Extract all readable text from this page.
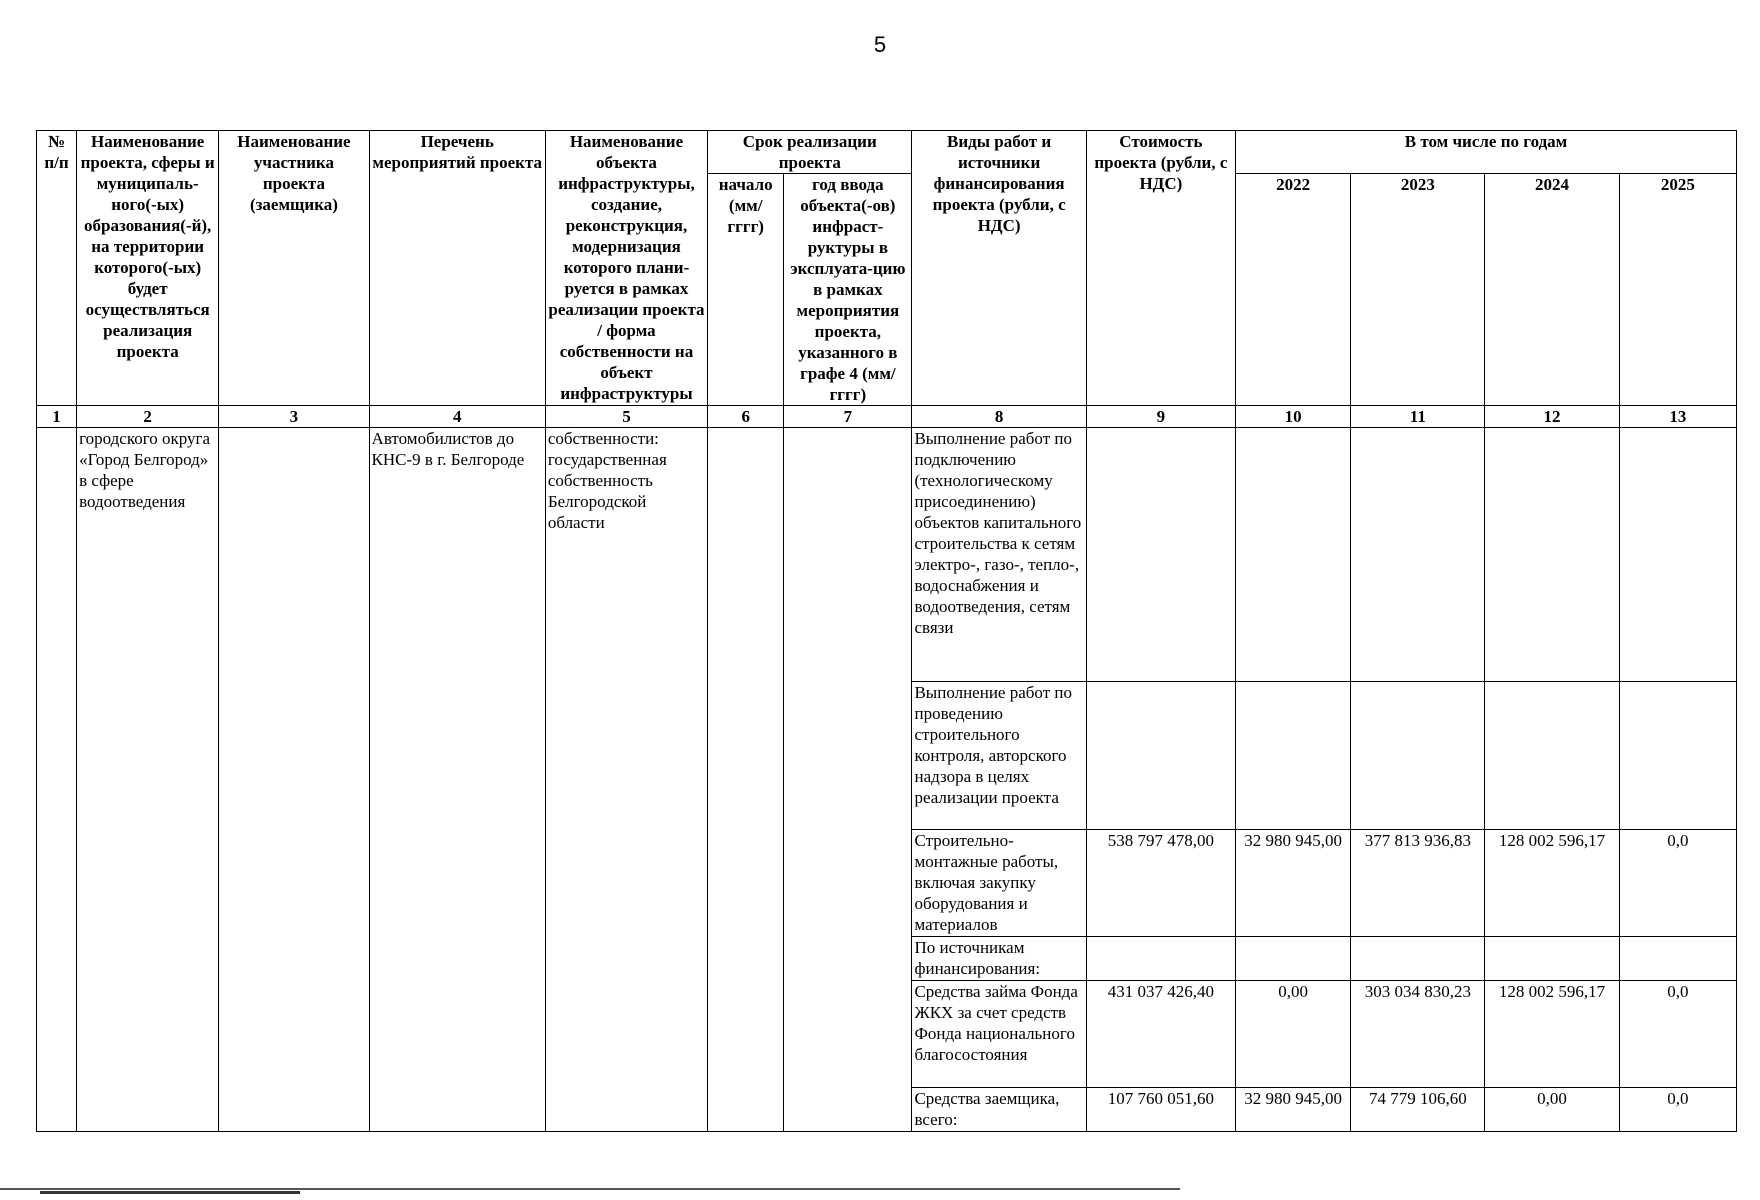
5
№ п/п	Наименование проекта, сферы и муниципаль-ного(-ых) образования(-й), на территории которого(-ых) будет осуществляться реализация проекта	Наименование участника проекта (заемщика)	Перечень мероприятий проекта	Наименование объекта инфраструктуры, создание, реконструкция, модернизация которого плани-руется в рамках реализации проекта / форма собственности на объект инфраструктуры	Срок реализации проекта		Виды работ и источники финансирования проекта (рубли, с НДС)	Стоимость проекта (рубли, с НДС)	В том числе по годам			
					начало (мм/ гггг)	год ввода объекта(-ов) инфраст-руктуры в эксплуата-цию в рамках мероприятия проекта, указанного в графе 4 (мм/гггг)			2022	2023	2024	2025
1	2	3	4	5	6	7	8	9	10	11	12	13
	городского округа «Город Белгород» в сфере водоотведения		Автомобилистов до КНС-9 в г. Белгороде	собственности: государственная собственность Белгородской области			Выполнение работ по подключению (технологическому присоединению) объектов капитального строительства к сетям электро-, газо-, тепло-, водоснабжения и водоотведения, сетям связи					
							Выполнение работ по проведению строительного контроля, авторского надзора в целях реализации проекта					
							Строительно-монтажные работы, включая закупку оборудования и материалов	538 797 478,00	32 980 945,00	377 813 936,83	128 002 596,17	0,0
							По источникам финансирования:					
							Средства займа Фонда ЖКХ за счет средств Фонда национального благосостояния	431 037 426,40	0,00	303 034 830,23	128 002 596,17	0,0
							Средства заемщика, всего:	107 760 051,60	32 980 945,00	74 779 106,60	0,00	0,0
